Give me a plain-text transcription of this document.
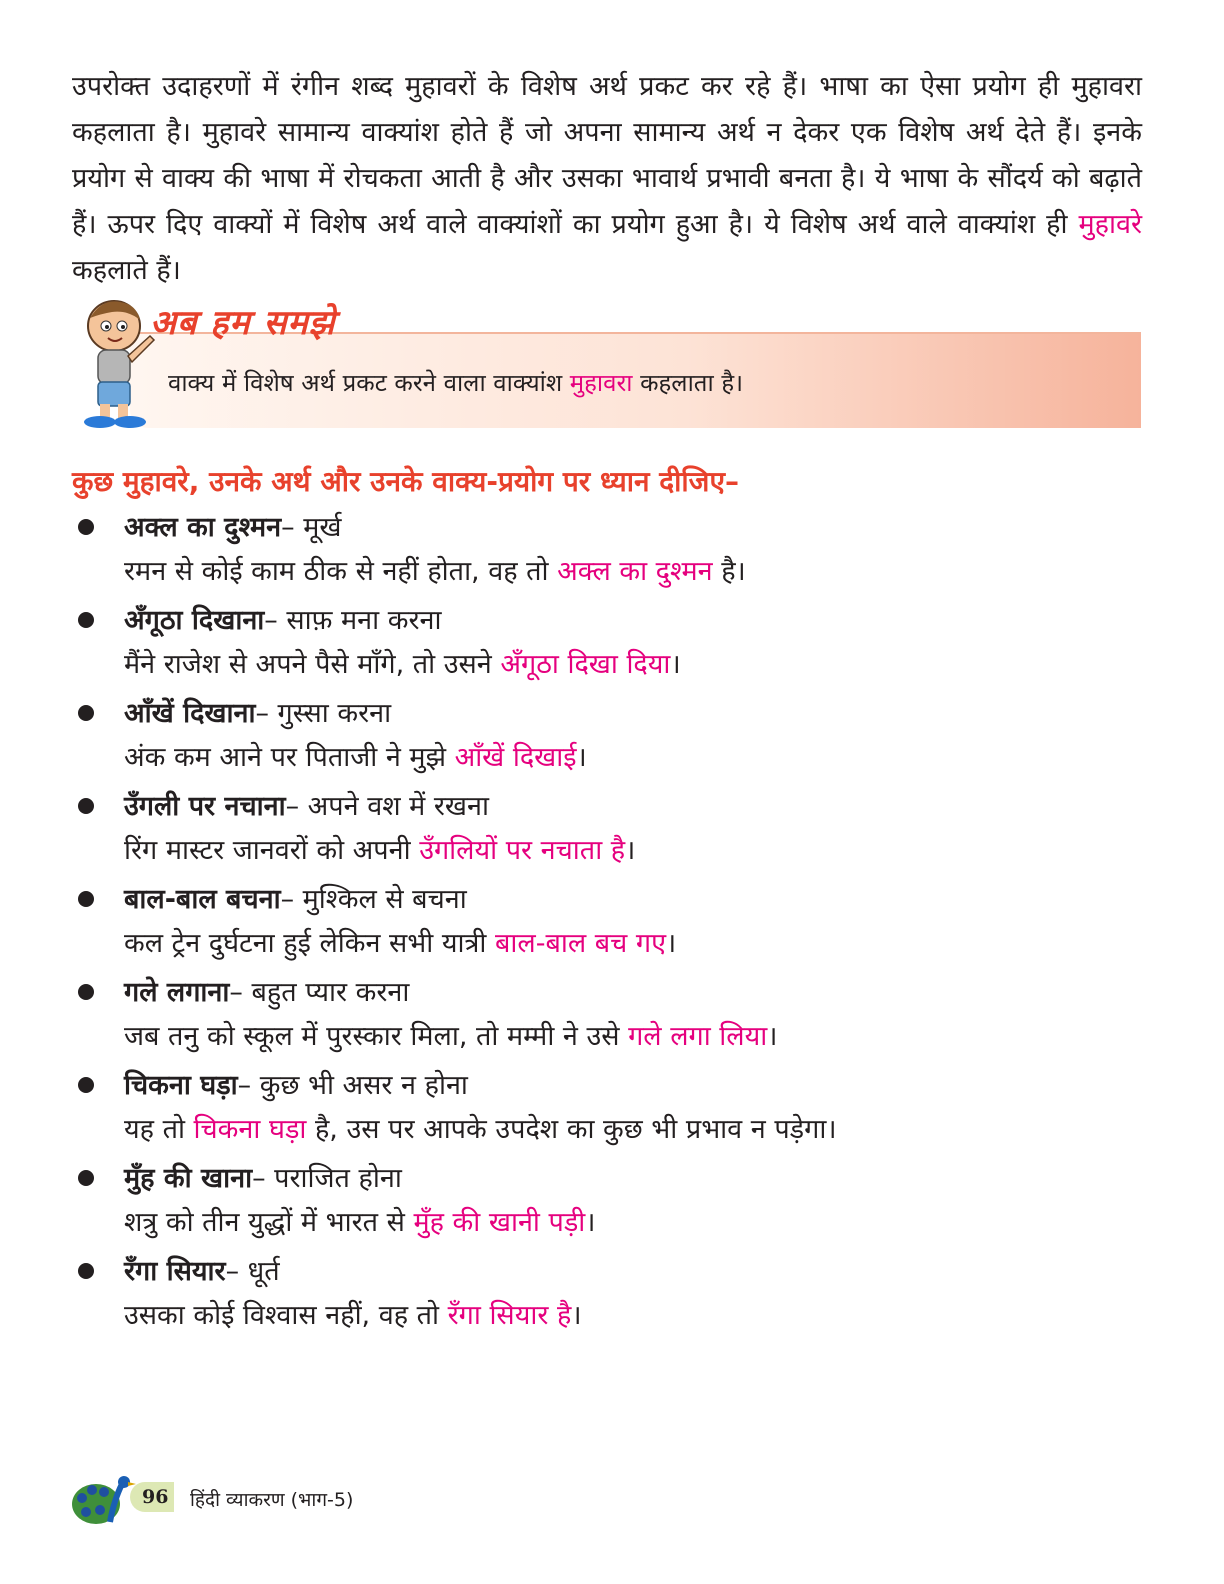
उपरोक्त उदाहरणों में रंगीन शब्द मुहावरों के विशेष अर्थ प्रकट कर रहे हैं। भाषा का ऐसा प्रयोग ही मुहावरा कहलाता है। मुहावरे सामान्य वाक्यांश होते हैं जो अपना सामान्य अर्थ न देकर एक विशेष अर्थ देते हैं। इनके प्रयोग से वाक्य की भाषा में रोचकता आती है और उसका भावार्थ प्रभावी बनता है। ये भाषा के सौंदर्य को बढ़ाते हैं। ऊपर दिए वाक्यों में विशेष अर्थ वाले वाक्यांशों का प्रयोग हुआ है। ये विशेष अर्थ वाले वाक्यांश ही मुहावरे कहलाते हैं।

अब हम समझे
वाक्य में विशेष अर्थ प्रकट करने वाला वाक्यांश मुहावरा कहलाता है।
कुछ मुहावरे, उनके अर्थ और उनके वाक्य-प्रयोग पर ध्यान दीजिए–
अक्ल का दुश्मन– मूर्ख
रमन से कोई काम ठीक से नहीं होता, वह तो अक्ल का दुश्मन है।
अँगूठा दिखाना– साफ़ मना करना
मैंने राजेश से अपने पैसे माँगे, तो उसने अँगूठा दिखा दिया।
आँखें दिखाना– गुस्सा करना
अंक कम आने पर पिताजी ने मुझे आँखें दिखाई।
उँगली पर नचाना– अपने वश में रखना
रिंग मास्टर जानवरों को अपनी उँगलियों पर नचाता है।
बाल-बाल बचना– मुश्किल से बचना
कल ट्रेन दुर्घटना हुई लेकिन सभी यात्री बाल-बाल बच गए।
गले लगाना– बहुत प्यार करना
जब तनु को स्कूल में पुरस्कार मिला, तो मम्मी ने उसे गले लगा लिया।
चिकना घड़ा– कुछ भी असर न होना
यह तो चिकना घड़ा है, उस पर आपके उपदेश का कुछ भी प्रभाव न पड़ेगा।
मुँह की खाना– पराजित होना
शत्रु को तीन युद्धों में भारत से मुँह की खानी पड़ी।
रँगा सियार– धूर्त
उसका कोई विश्वास नहीं, वह तो रँगा सियार है।
96 हिंदी व्याकरण (भाग-5)
